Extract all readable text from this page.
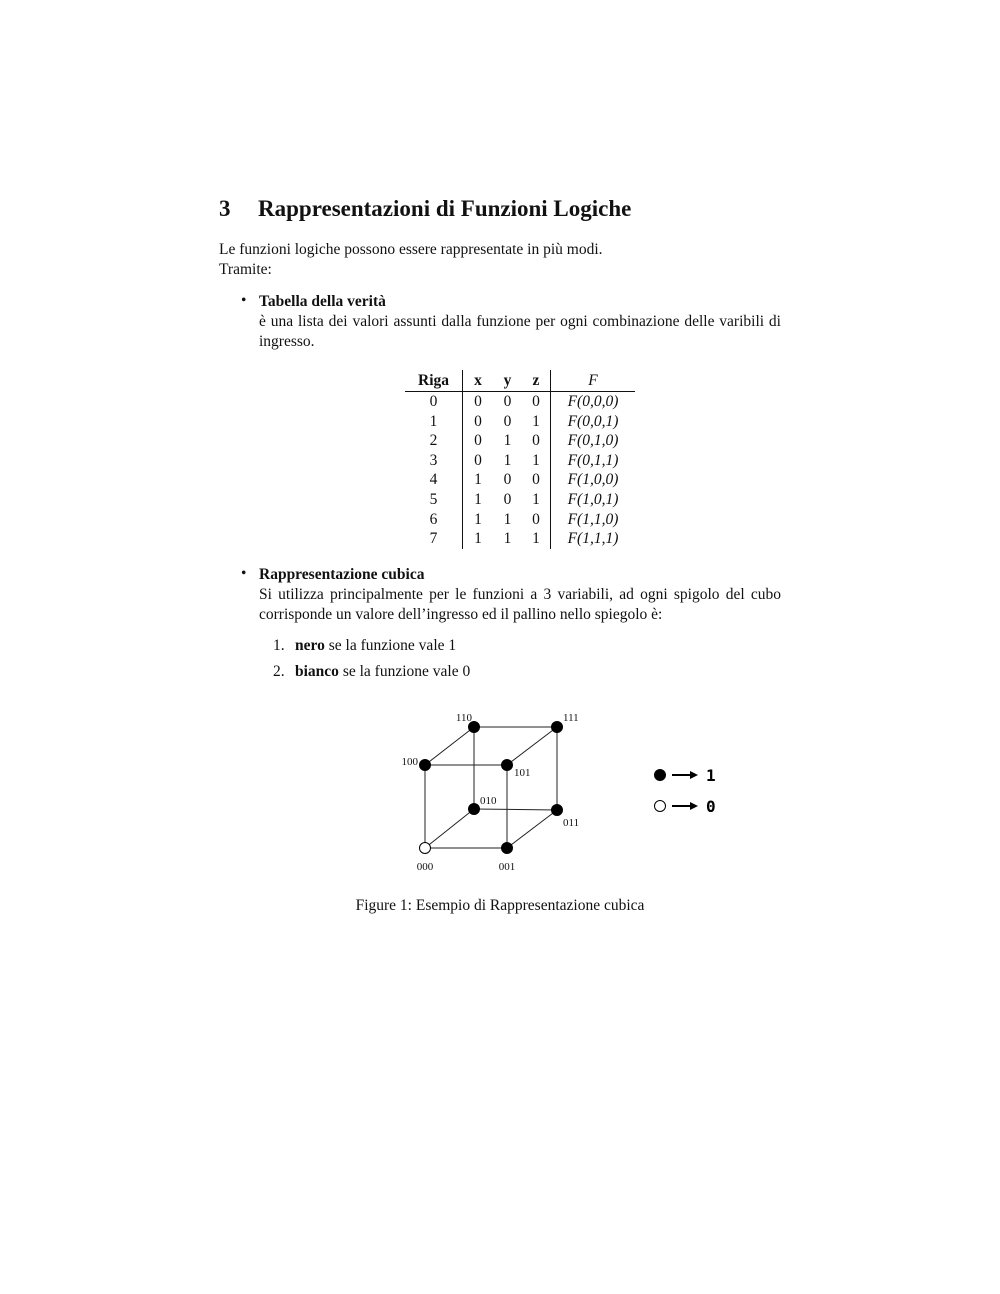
3 Rappresentazioni di Funzioni Logiche
Le funzioni logiche possono essere rappresentate in più modi.
Tramite:
• Tabella della verità
è una lista dei valori assunti dalla funzione per ogni combinazione delle varibili di ingresso.
Riga	x	y	z	F
0	0	0	0	F(0,0,0)
1	0	0	1	F(0,0,1)
2	0	1	0	F(0,1,0)
3	0	1	1	F(0,1,1)
4	1	0	0	F(1,0,0)
5	1	0	1	F(1,0,1)
6	1	1	0	F(1,1,0)
7	1	1	1	F(1,1,1)
• Rappresentazione cubica
Si utilizza principalmente per le funzioni a 3 variabili, ad ogni spigolo del cubo corrisponde un valore dell’ingresso ed il pallino nello spiegolo è:
1. nero se la funzione vale 1
2. bianco se la funzione vale 0
000	001
010
011
100
101
110	111
1
0
Figure 1: Esempio di Rappresentazione cubica
